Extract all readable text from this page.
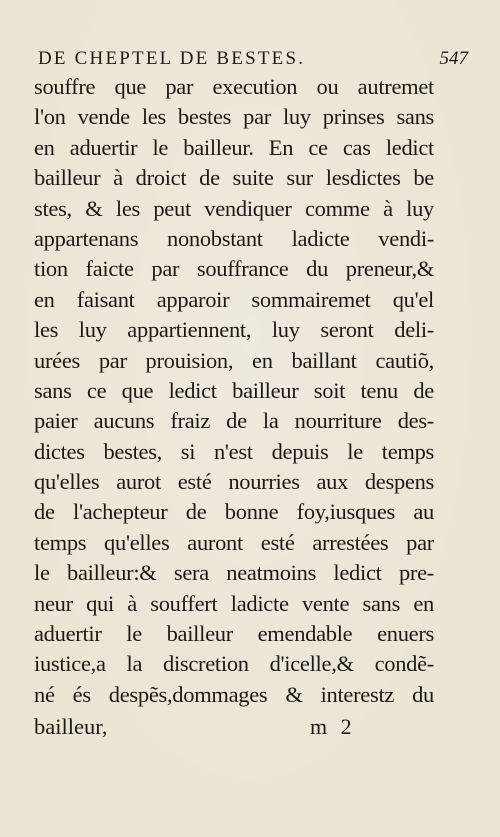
DE CHEPTEL DE BESTES.	547
souffre que par execution ou autremet
l'on vende les bestes par luy prinses sans
en aduertir le bailleur. En ce cas ledict
bailleur à droict de suite sur lesdictes be
stes, & les peut vendiquer comme à luy
appartenans nonobstant ladicte vendi-
tion faicte par souffrance du preneur,&
en faisant apparoir sommairemet qu'el
les luy appartiennent, luy seront deli-
urées par prouision, en baillant cautiõ,
sans ce que ledict bailleur soit tenu de
paier aucuns fraiz de la nourriture des-
dictes bestes, si n'est depuis le temps
qu'elles aurot esté nourries aux despens
de l'achepteur de bonne foy,iusques au
temps qu'elles auront esté arrestées par
le bailleur:& sera neatmoins ledict pre-
neur qui à souffert ladicte vente sans en
aduertir le bailleur emendable enuers
iustice,a la discretion d'icelle,& condẽ-
né és despẽs,dommages & interestz du
bailleur,	m 2
